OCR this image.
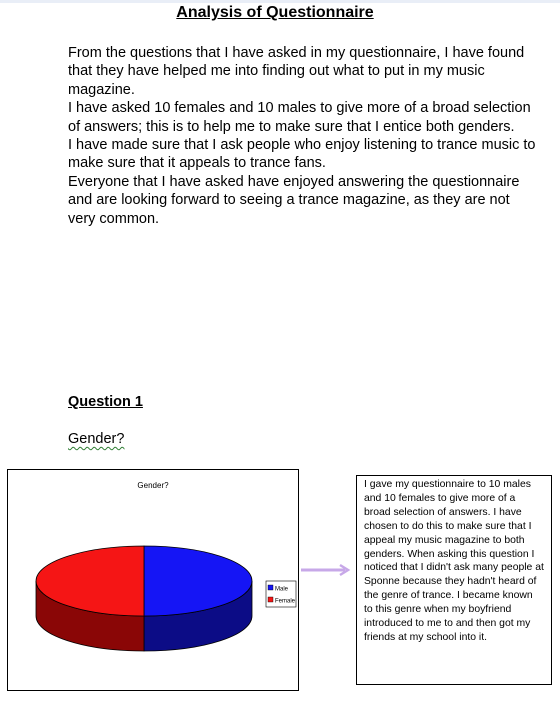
Analysis of Questionnaire

From the questions that I have asked in my questionnaire, I have found that they have helped me into finding out what to put in my music magazine.

I have asked 10 females and 10 males to give more of a broad selection of answers; this is to help me to make sure that I entice both genders.

I have made sure that I ask people who enjoy listening to trance music to make sure that it appeals to trance fans.

Everyone that I have asked have enjoyed answering the questionnaire and are looking forward to seeing a trance magazine, as they are not very common.

Question 1
Gender?
Gender?
Male
Female
I gave my questionnaire to 10 males and 10 females to give more of a broad selection of answers. I have chosen to do this to make sure that I appeal my music magazine to both genders. When asking this question I noticed that I didn't ask many people at Sponne because they hadn't heard of the genre of trance. I became known to this genre when my boyfriend introduced to me to and then got my friends at my school into it.
